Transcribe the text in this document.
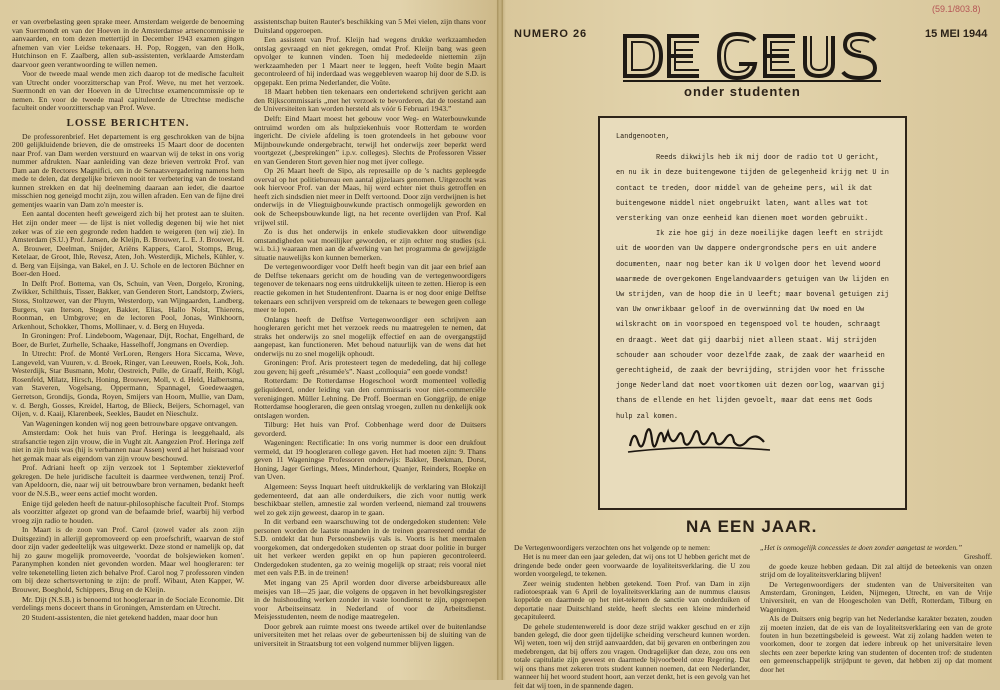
er van overbelasting geen sprake meer. Amsterdam weigerde de benoeming van Suermondt en van der Hoeven in de Amsterdamse artsencommissie te aanvaarden, en tom dezen mettertijd in December 1943 examen gingen afnemen van vier Leidse tekenaars. H. Pop, Roggen, van den Holk, Hutchinson en F. Zaalberg, allen sub-assistenten, verklaarde Amsterdam daarvoor geen verantwoording te willen nemen.

Voor de tweede maal wende men zich daarop tot de medische faculteit van Utrecht onder voorzitterschap van Prof. Weve, nu met het verzoek. Suermondt en van der Hoeven in de Utrechtse examencommissie op te nemen. En voor de tweede maal capituleerde de Utrechtse medische faculteit onder voorzitterschap van Prof. Weve.

LOSSE BERICHTEN.

De professorenbrief. Het departement is erg geschrokken van de bijna 200 gelijkluidende brieven, die de omstreeks 15 Maart door de docenten naar Prof. van Dam werden verstuurd en waarvan wij de tekst in ons vorig nummer afdrukten. Naar aanleiding van deze brieven vertrokt Prof. van Dam aan de Rectores Magnifici, om in de Senaatsvergadering namens hem mede te delen, dat dergelijke brieven nooit ter verbetering van de toestand kunnen strekken en dat hij deelneming daaraan aan ieder, die daartoe misschien nog geneigd mocht zijn, zou willen afraden. Een van de fijne drei gementjes waarin van Dam zo'n meester is.

Een aantal docenten heeft geweigerd zich bij het protest aan te sluiten. Het zijn onder meer — de lijst is niet volledig degenen bij wie het niet zeker was of zie een gegronde reden hadden te weigeren (ten wij zie). In Amsterdam (S.U.) Prof. Jansen, de Kleijn, B. Brouwer, L. E. J. Brouwer, H. A. Brouwer, Deelman, Snijder, Ariëns Kappers, Carol, Stomps, Brug, Ketelaar, de Groot, Ihle, Revesz, Aten, Joh. Westerdijk, Michels, Kühler, v. d. Berg van Eijsinga, van Bakel, en J. U. Schole en de lectoren Büchner en Boer-den Hoed.

In Delft Prof. Bottema, van Os, Schuin, van Veen, Dorgelo, Kroning, Zwikker, Schilthuis, Tisser, Bakker, van Genderen Stort, Landstorp, Zwiers, Stoss, Stoltzewer, van der Pluym, Westerdorp, van Wijngaarden, Landberg, Burgers, van Iterson, Steger, Bakker, Elias, Hallo Nolst, Thierens, Roonman, en Umbgrove; en de lectoren Pool, Jonas, Winkhoorn, Arkenhout, Schokker, Thoms, Mollinaer, v. d. Berg en Huyeda.

In Groningen: Prof. Lindeboom, Wagenaar, Dijt, Rochat, Engelhard, de Boer, de Burlet, Zurhelle, Schaake, Hasselhoff, Jongmans en Overdiep.

In Utrecht: Prof. de Monté VerLoren, Rengers Hora Siccama, Weve, Langeveld, van Vuuren, v. d. Broek, Ringer, van Leeuwen, Roels, Kok, Joh. Westerdijk, Star Busmann, Mohr, Oestreich, Pulle, de Graaff, Reith, Kögl, Rosenfeld, Milatz, Hirsch, Honing, Brouwer, Moll, v. d. Held, Halbertsma, van Staveren, Vogelsang, Oppermann, Spannagel, Goedewaagen, Gerretson, Grondijs, Gonda, Royen, Smijers van Hoorn, Mullie, van Dam, v. d. Bergh, Gosses, Kreidel, Hartog, de Blieck, Beijers, Schornagel, van Oijen, v. d. Kaaij, Klarenbeek, Seekles, Baudet en Nieschulz.

Van Wageningen konden wij nog geen betrouwbare opgave ontvangen.

Amsterdam: Ook het huis van Prof. Heringa is leeggehaald, als strafsanctie tegen zijn vrouw, die in Vught zit. Aangezien Prof. Heringa zelf niet in zijn huis was (hij is verbannen naar Assen) werd al het huisraad voor het gemak maar als eigendom van zijn vrouw beschouwd.

Prof. Adriani heeft op zijn verzoek tot 1 September ziekteverlof gekregen. De hele juridische faculteit is daarmee verdwenen, tenzij Prof. van Apeldoorn, die, naar wij uit betrouwbare bron vernamen, bedankt heeft voor de N.S.B., weer eens actief mocht worden.

Enige tijd geleden heeft de natuur-philosophische faculteit Prof. Stomps als voorzitter afgezet op grond van de befaamde brief, waarbij hij verbod vroeg zijn radio te houden.

In Maart is de zoon van Prof. Carol (zowel vader als zoon zijn Duitsgezind) in allerijl gepromoveerd op een proefschrift, waarvan de stof door zijn vader gedeeltelijk was uitgewerkt. Deze stond er namelijk op, dat hij zo gauw mogelijk promoveerde, 'voordat de bolsjewieken komen'. Paranymphen konden niet gevonden worden. Maar wel hoogleraren: ter velre tekenetelling lieten zich behalve Prof. Carol nog 7 professoren vinden om bij deze schertsvertoning te zijn: de proff. Wibaut, Aten Kapper, W. Brouwer, Boeghold, Schippers, Brug en de Kleijn.

Mr. Dijt (N.S.B.) is benoemd tot hoogleraar in de Sociale Economie. Dit verdelings mens doceert thans in Groningen, Amsterdam en Utrecht.

20 Student-assistenten, die niet getekend hadden, maar door hun

assistentschap buiten Rauter's beschikking van 5 Mei vielen, zijn thans voor Duitsland opgeroepen.

Een assistent van Prof. Kleijn had wegens drukke werkzaamheden ontslag gevraagd en niet gekregen, omdat Prof. Kleijn bang was geen opvolger te kunnen vinden. Toen hij mededeelde niettemin zijn werkzaamheden per 1 Maart neer te leggen, heeft Voûte begin Maart gecontroleerd of hij inderdaad was weggebleven waarop hij door de S.D. is opgepakt. Een prima Nederlander, die Voûte.

18 Maart hebben tien tekenaars een ondertekend schrijven gericht aan den Rijkscommissaris „met het verzoek te bevorderen, dat de toestand aan de Universiteiten kan worden hersteld als vóór 6 Februari 1943.”

Delft: Eind Maart moest het gebouw voor Weg- en Waterbouwkunde ontruimd worden om als hulpziekenhuis voor Rotterdam te worden ingericht. De civiele afdeling is toen grotendeels in het gebouw voor Mijnbouwkunde ondergebracht, terwijl het onderwijs zeer beperkt werd voortgezet („besprekingen” i.p.v. colleges). Slechts de Professoren Visser en van Genderen Stort geven hier nog met ijver college.

Op 26 Maart heeft de Sipo, als represaille op de 's nachts gepleegde overval op het politiebureau een aantal gijzelaars genomen. Uitgezocht was ook hiervoor Prof. van der Maas, hij werd echter niet thuis getroffen en heeft zich sindsdien niet meer in Delft vertoond. Door zijn verdwijnen is het onderwijs in de Vliegtuigbouwkunde practisch onmogelijk geworden en ook de Scheepsbouwkunde ligt, na het recente overlijden van Prof. Kal vrijwel stil.

Zo is dus het onderwijs in enkele studievakken door uitwendige omstandigheden wat moeilijker geworden, er zijn echter nog studies (s.i. w.i. b.i.) waaraan men aan de afwerking van het programma de gewijzigde situatie nauwelijks kon kunnen bemerken.

De vertegenwoordiger voor Delft heeft begin van dit jaar een brief aan de Delftse tekenaars gericht om de houding van de vertegenwoordigers tegenover de tekenaars nog eens uitdrukkelijk uiteen te zetten. Hierop is een reactie gekomen in het Studentenfront. Daarna is er nog door enige Delftse tekenaars een schrijven verspreid om de tekenaars te bewegen geen college meer te lopen.

Onlangs heeft de Delftse Vertegenwoordiger een schrijven aan hoogleraren gericht met het verzoek reeds nu maatregelen te nemen, dat straks het onderwijs zo snel mogelijk effectief en aan de overgangstijd aangepast, kan functioneren. Met behoud natuurlijk van de wens dat het onderwijs nu zo snel mogelijk ophoudt.

Groningen: Prof. Aris protesteert tegen de mededeling, dat hij college zou geven; hij geeft „résumée's”. Naast „colloquia” een goede vondst!

Rotterdam: De Rotterdamse Hogeschool wordt momenteel volledig geliquideerd, onder leiding van den commissaris voor niet-commerciële verenigingen. Müller Lehning. De Proff. Boerman en Gonggrijp, de enige Rotterdamse hoogleraren, die geen ontslag vroegen, zullen nu denkelijk ook ontslagen worden.

Tilburg: Het huis van Prof. Cobbenhage werd door de Duitsers gevorderd.

Wageningen: Rectificatie: In ons vorig nummer is door een drukfout vermeld, dat 19 hoogleraren college gaven. Het had moeten zijn: 9. Thans geven 11 Wageningse Professoren onderwijs: Bakker, Beekman, Dorst, Honing, Jager Gerlings, Mees, Minderhout, Quanjer, Reinders, Roepke en van Uven.

Algemeen: Seyss Inquart heeft uitdrukkelijk de verklaring van Blokzijl gedementeerd, dat aan alle onderduikers, die zich voor nuttig werk beschikbaar stellen, amnestie zal worden verleend, niemand zal trouwens wel zo gek zijn geweest, daarop in te gaan.

In dit verband een waarschuwing tot de ondergedoken studenten: Vele personen worden de laatste maanden in de treinen gearresteerd omdat de S.D. ontdekt dat hun Persoonsbewijs vals is. Voorts is het meermalen voorgekomen, dat ondergedoken studenten op straat door politie in burger uit het verkeer werden gepikt en op hun papieren gecontroleerd. Ondergedoken studenten, ga zo weinig mogelijk op straat; reis vooral niet met een vals P.B. in de treinen!

Met ingang van 25 April worden door diverse arbeidsbureaux alle meisjes van 18—25 jaar, die volgens de opgaven in het bevolkingsregister in de huishouding werken zonder in vaste loondienst te zijn, opgeroepen voor Arbeitseinsatz in Nederland of voor de Arbeitsdienst. Meisjesstudenten, neem de nodige maatregelen.

Door gebrek aan ruimte moest ons tweede artikel over de buitenlandse universiteiten met het relaas over de gebeurtenissen bij de sluiting van de universiteit in Straatsburg tot een volgend nummer blijven liggen.

(59.1/803.8)
NUMERO 26	15 MEI 1944
onder studenten

Landgenooten,

Reeds dikwijls heb ik mij door de radio tot U gericht, en nu ik in deze buitengewone tijden de gelegenheid krijg met U in contact te treden, door middel van de geheime pers, wil ik dat buitengewone middel niet ongebruikt laten, want alles wat tot versterking van onze eenheid kan dienen moet worden gebruikt.

Ik zie hoe gij in deze moeilijke dagen leeft en strijdt uit de woorden van Uw dappere ondergrondsche pers en uit andere documenten, naar nog beter kan ik U volgen door het levend woord waarmede de overgekomen Engelandvaarders getuigen van Uw lijden en Uw strijden, van de hoop die in U leeft; maar bovenal getuigen zij van Uw onwrikbaar geloof in de overwinning dat Uw moed en Uw wilskracht om in voorspoed en tegenspoed vol te houden, schraagt en draagt. Weet dat gij daarbij niet alleen staat. Wij strijden schouder aan schouder voor dezelfde zaak, de zaak der waarheid en gerechtigheid, de zaak der bevrijding, strijden voor het frissche jonge Nederland dat moet voortkomen uit dezen oorlog, waarvan gij thans de ellende en het lijden gevoelt, maar dat eens met Gods hulp zal komen.

NA EEN JAAR.

De Vertegenwoordigers verzochten ons het volgende op te nemen:

Het is nu meer dan een jaar geleden, dat wij ons tot U hebben gericht met de dringende bede onder geen voorwaarde de loyaliteitsverklaring. die U zou worden voorgelegd, te tekenen.

Zeer weinig studenten hebben getekend. Toen Prof. van Dam in zijn radiotoespraak van 6 April de loyaliteitsverklaring aan de nummus clausus koppelde en daarmede op het niet-tekenen de sanctie van onderduiken of deportatie naar Duitschland stelde, heeft slechts een kleine minderheid gecapituleerd.

De gehele studentenwereld is door deze strijd wakker geschud en er zijn banden gelegd, die door geen tijdelijke scheiding verscheurd kunnen worden. Wij weten, toen wij den strijd aanvaardden, dat bij gevaren en ontberingen zou medebrengen, dat bij offers zou vragen. Ondragelijker dan deze, zou ons een totale capitulatie zijn geweest en daarmede bijvoorbeeld onze Regering. Dat wij ons thans met zekeren trots student kunnen noemen, dat een Nederlander, wanneer hij het woord student hoort, aan verzet denkt, het is een gevolg van het feit dat wij toen, in de spannende dagen.

„Het is onmogelijk concessies te doen zonder aangetast te worden.”

Greshoff.

de goede keuze hebben gedaan. Dit zal altijd de beteekenis van onzen strijd om de loyaliteitsverklaring blijven!

De Vertegenwoordigers der studenten van de Universiteiten van Amsterdam, Groningen, Leiden, Nijmegen, Utrecht, en van de Vrije Universiteit, en van de Hoogescholen van Delft, Rotterdam, Tilburg en Wageningen.

Als de Duitsers enig begrip van het Nederlandse karakter bezaten, zouden zij moeten inzien, dat de eis van de loyaliteitsverklaring een van de grote fouten in hun bezettingsbeleid is geweest. Wat zij zolang hadden weten te voorkomen, door te zorgen dat iedere inbreuk op het universitaire leven slechts een zeer beperkte kring van studenten of docenten trof: de studenten een gemeenschappelijk strijdpunt te geven, dat hebben zij op dat moment door het
